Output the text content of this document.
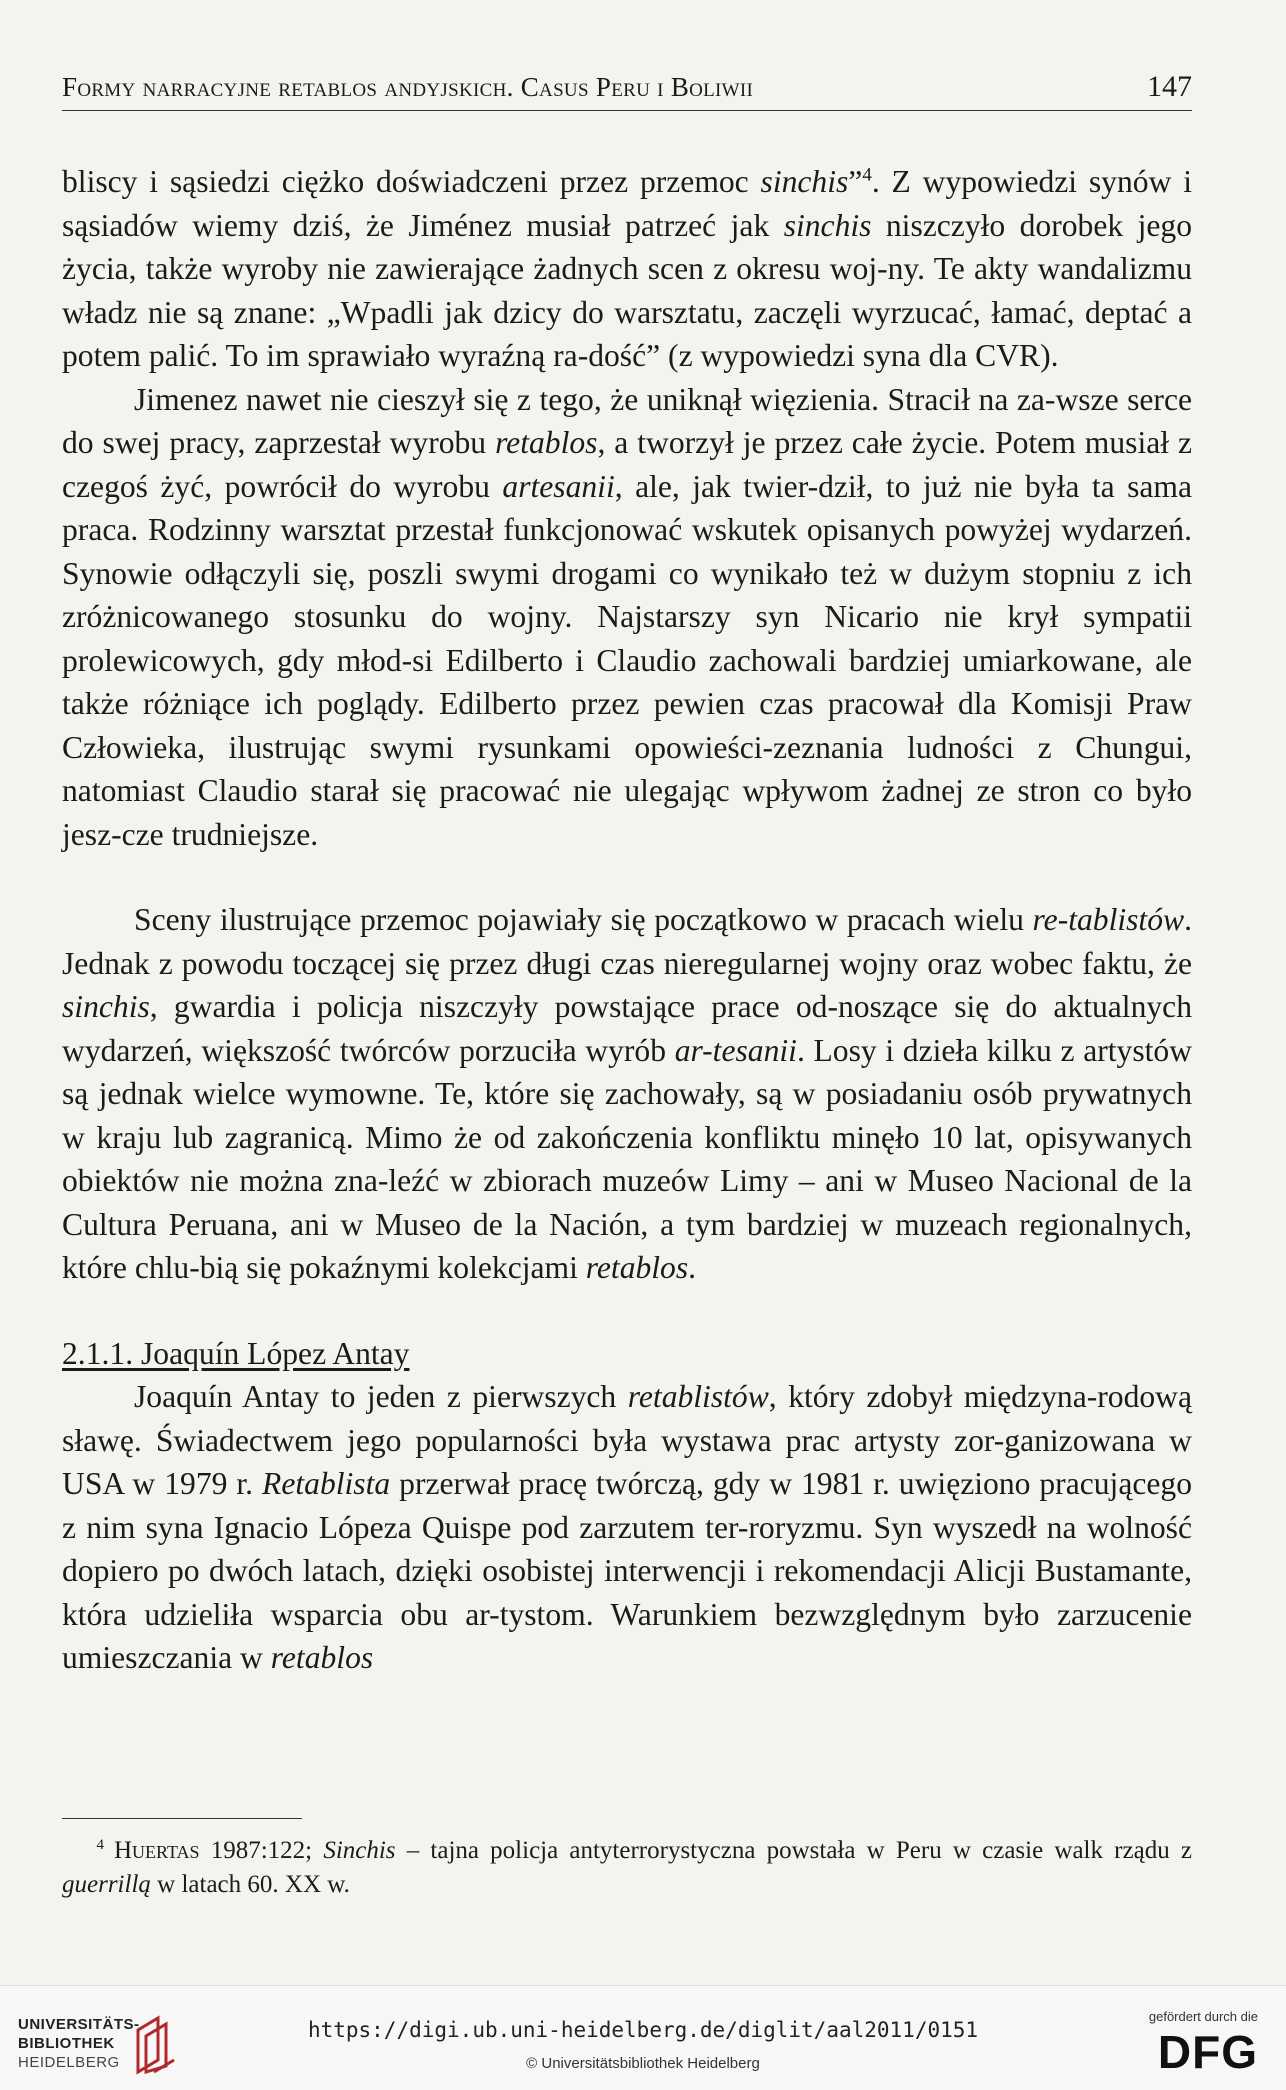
Formy narracyjne retablos andyjskich. Casus Peru i Boliwii	147

bliscy i sąsiedzi ciężko doświadczeni przez przemoc sinchis”$^4$. Z wypowiedzi synów i sąsiadów wiemy dziś, że Jiménez musiał patrzeć jak sinchis niszczyło dorobek jego życia, także wyroby nie zawierające żadnych scen z okresu woj-ny. Te akty wandalizmu władz nie są znane: „Wpadli jak dzicy do warsztatu, zaczęli wyrzucać, łamać, deptać a potem palić. To im sprawiało wyraźną ra-dość” (z wypowiedzi syna dla CVR).

Jimenez nawet nie cieszył się z tego, że uniknął więzienia. Stracił na za-wsze serce do swej pracy, zaprzestał wyrobu retablos, a tworzył je przez całe życie. Potem musiał z czegoś żyć, powrócił do wyrobu artesanii, ale, jak twier-dził, to już nie była ta sama praca. Rodzinny warsztat przestał funkcjonować wskutek opisanych powyżej wydarzeń. Synowie odłączyli się, poszli swymi drogami co wynikało też w dużym stopniu z ich zróżnicowanego stosunku do wojny. Najstarszy syn Nicario nie krył sympatii prolewicowych, gdy młod-si Edilberto i Claudio zachowali bardziej umiarkowane, ale także różniące ich poglądy. Edilberto przez pewien czas pracował dla Komisji Praw Człowieka, ilustrując swymi rysunkami opowieści-zeznania ludności z Chungui, natomiast Claudio starał się pracować nie ulegając wpływom żadnej ze stron co było jesz-cze trudniejsze.

Sceny ilustrujące przemoc pojawiały się początkowo w pracach wielu re-tablistów. Jednak z powodu toczącej się przez długi czas nieregularnej wojny oraz wobec faktu, że sinchis, gwardia i policja niszczyły powstające prace od-noszące się do aktualnych wydarzeń, większość twórców porzuciła wyrób ar-tesanii. Losy i dzieła kilku z artystów są jednak wielce wymowne. Te, które się zachowały, są w posiadaniu osób prywatnych w kraju lub zagranicą. Mimo że od zakończenia konfliktu minęło 10 lat, opisywanych obiektów nie można zna-leźć w zbiorach muzeów Limy – ani w Museo Nacional de la Cultura Peruana, ani w Museo de la Nación, a tym bardziej w muzeach regionalnych, które chlu-bią się pokaźnymi kolekcjami retablos.

2.1.1. Joaquín López Antay

Joaquín Antay to jeden z pierwszych retablistów, który zdobył międzyna-rodową sławę. Świadectwem jego popularności była wystawa prac artysty zor-ganizowana w USA w 1979 r. Retablista przerwał pracę twórczą, gdy w 1981 r. uwięziono pracującego z nim syna Ignacio Lópeza Quispe pod zarzutem ter-roryzmu. Syn wyszedł na wolność dopiero po dwóch latach, dzięki osobistej interwencji i rekomendacji Alicji Bustamante, która udzieliła wsparcia obu ar-tystom. Warunkiem bezwzględnym było zarzucenie umieszczania w retablos

$^4$ Huertas 1987:122; Sinchis – tajna policja antyterrorystyczna powstała w Peru w czasie walk rządu z guerrillą w latach 60. XX w.
UNIVERSITÄTS-
BIBLIOTHEK
HEIDELBERG
https://digi.ub.uni-heidelberg.de/diglit/aal2011/0151
© Universitätsbibliothek Heidelberg
gefördert durch die
DFG
